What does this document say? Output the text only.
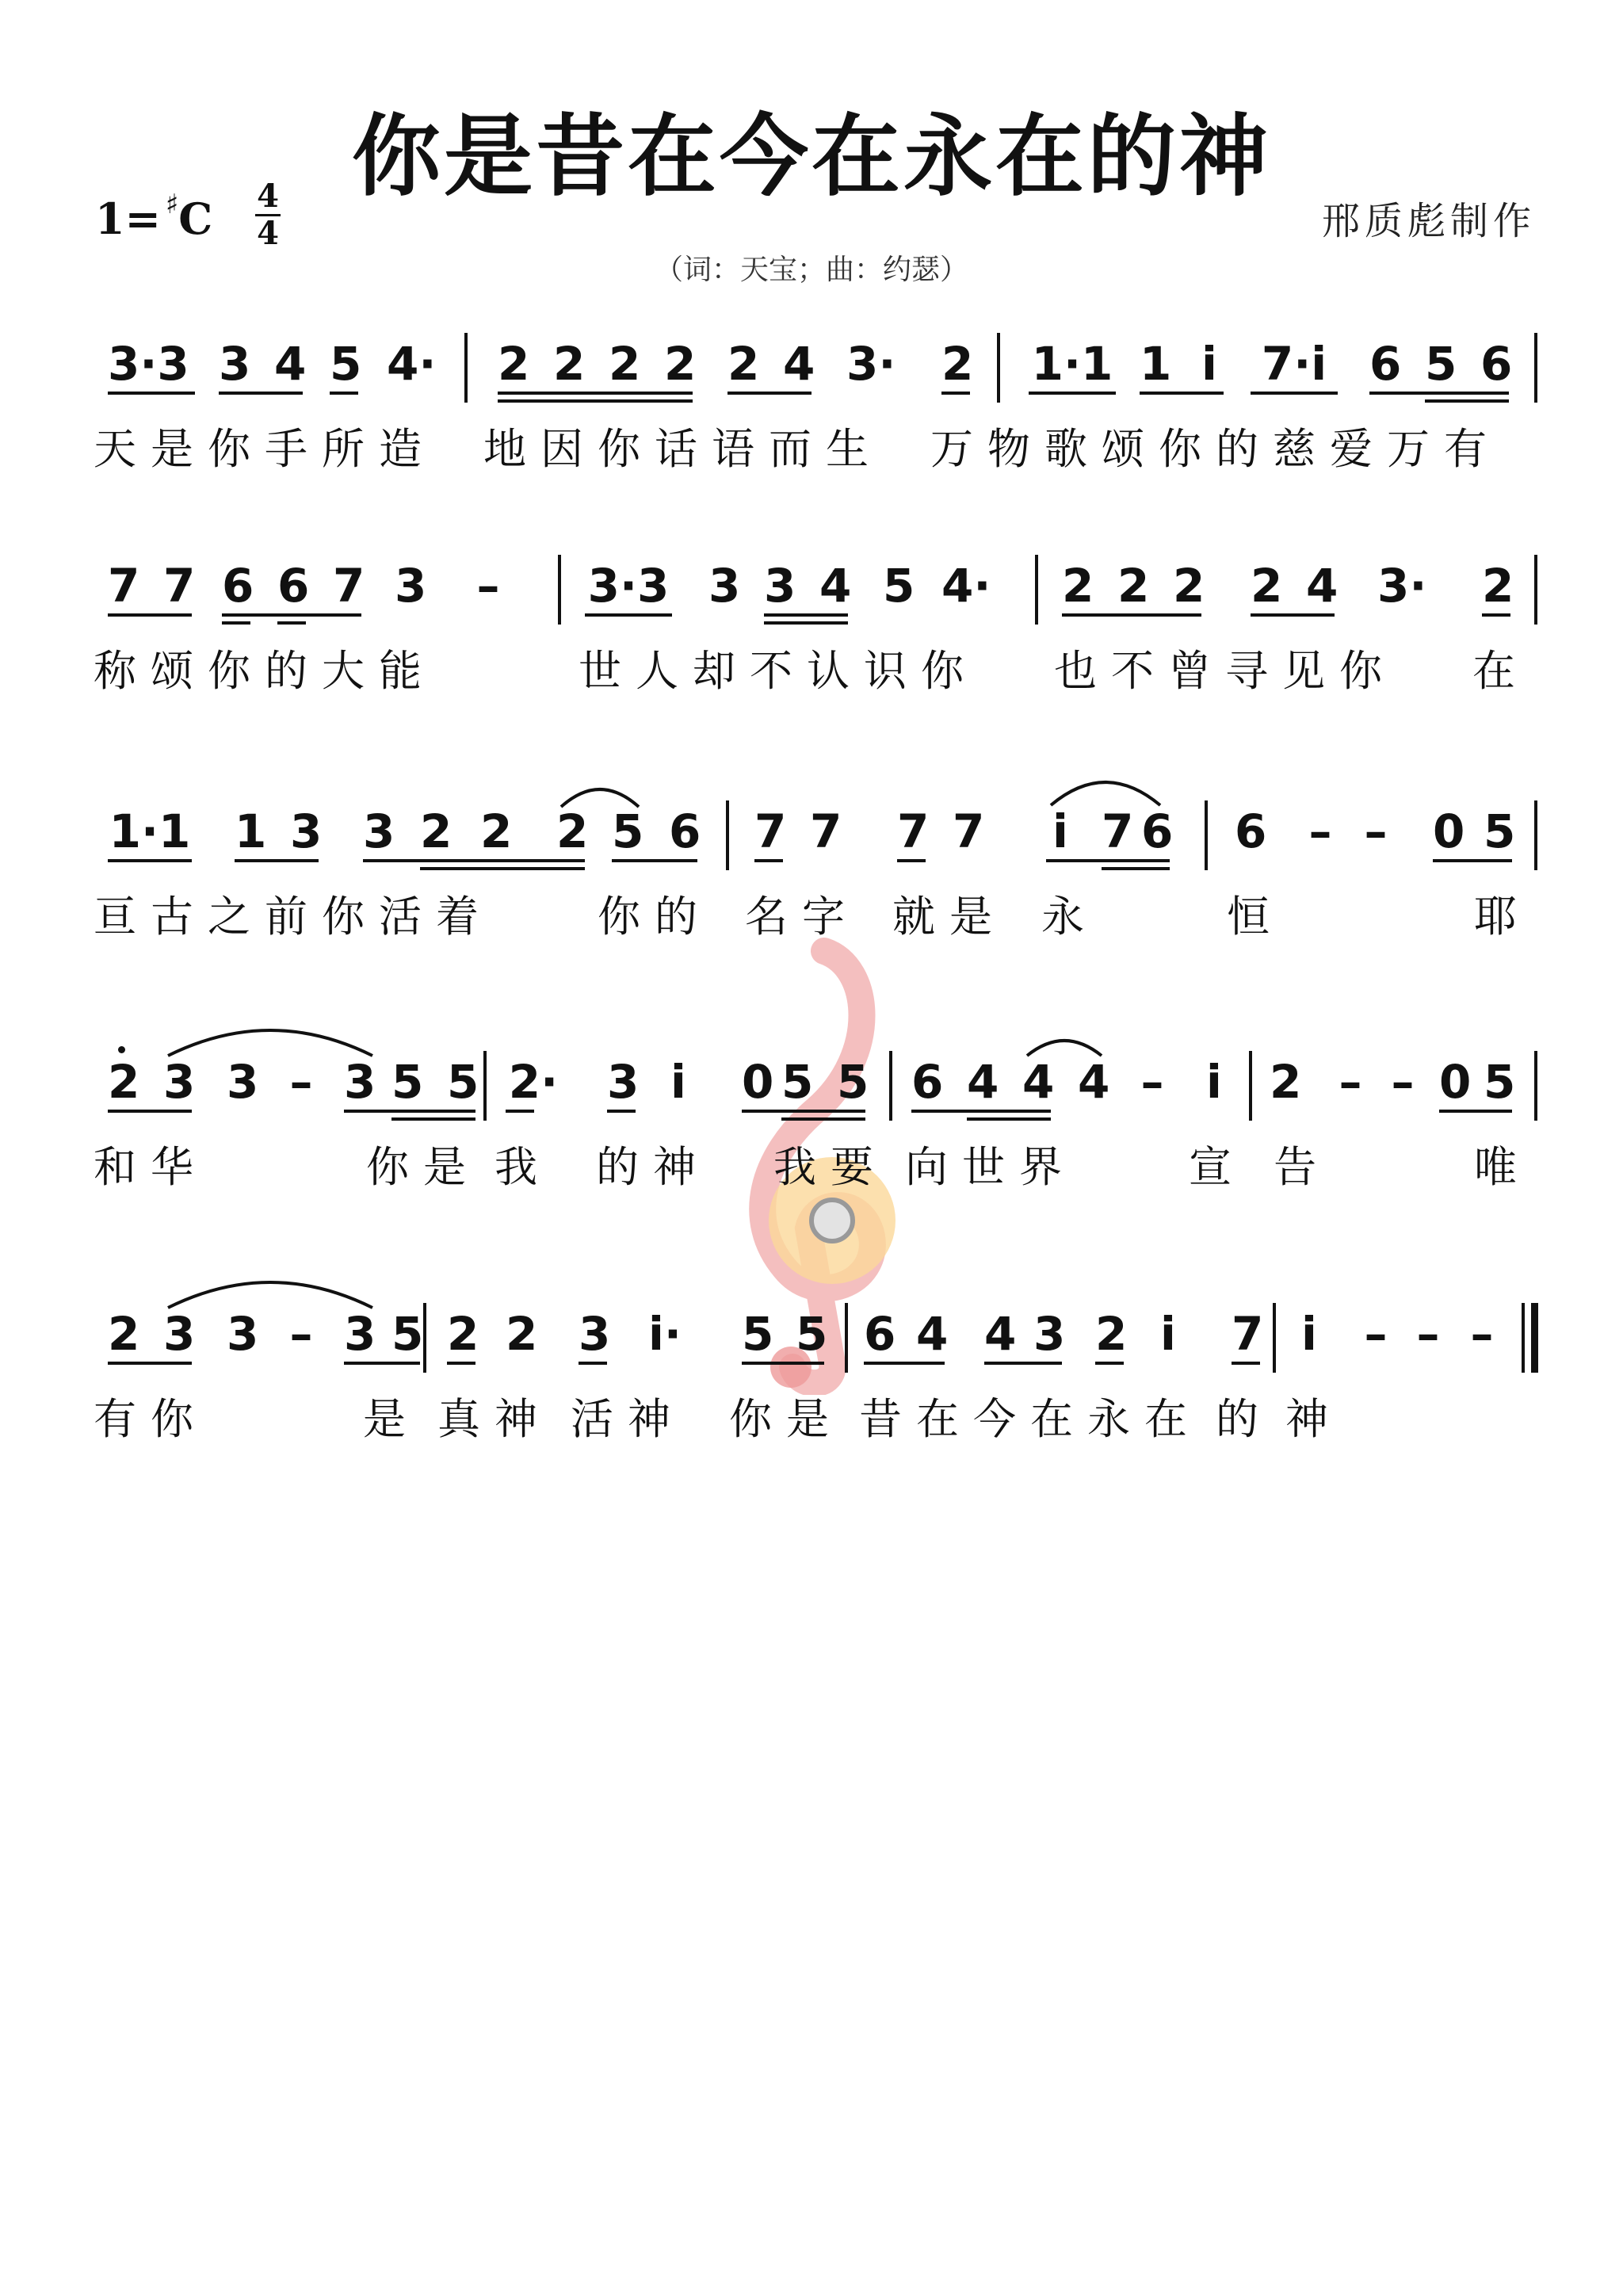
你是昔在今在永在的神
1= ♯C 4
4	邢质彪制作
（词：天宝；曲：约瑟）
3·3 3 4 5 4· 2 2 2 2 2 4 3· 2 1·1 1 i 7·i 6 5 6
天是你手所造 地因你话语而生 万物歌颂你的慈爱万有
7 7 6 6 7 3 – 3·3 3 3 4 5 4· 2 2 2 2 4 3· 2
称颂你的大能	世人却不认识你 也不曾寻见你 在
1·1 1 3 3 2 2 2 5 6 7 7 7 7 i 7 6 6 – – 0 5
亘古之前你活着 你的 名字 就是 永	恒	耶
2 3 3 – 3 5 5 2· 3 i 0 5 5 6 4 4 4 – i 2 – – 0 5
和华	你是 我 的神 我要 向世界	宣 告	唯
2 3 3 – 3 5 2 2 3 i· 5 5 6 4 4 3 2 i 7 i – – –
有你	是 真神 活神 你是 昔在今在永在 的 神
